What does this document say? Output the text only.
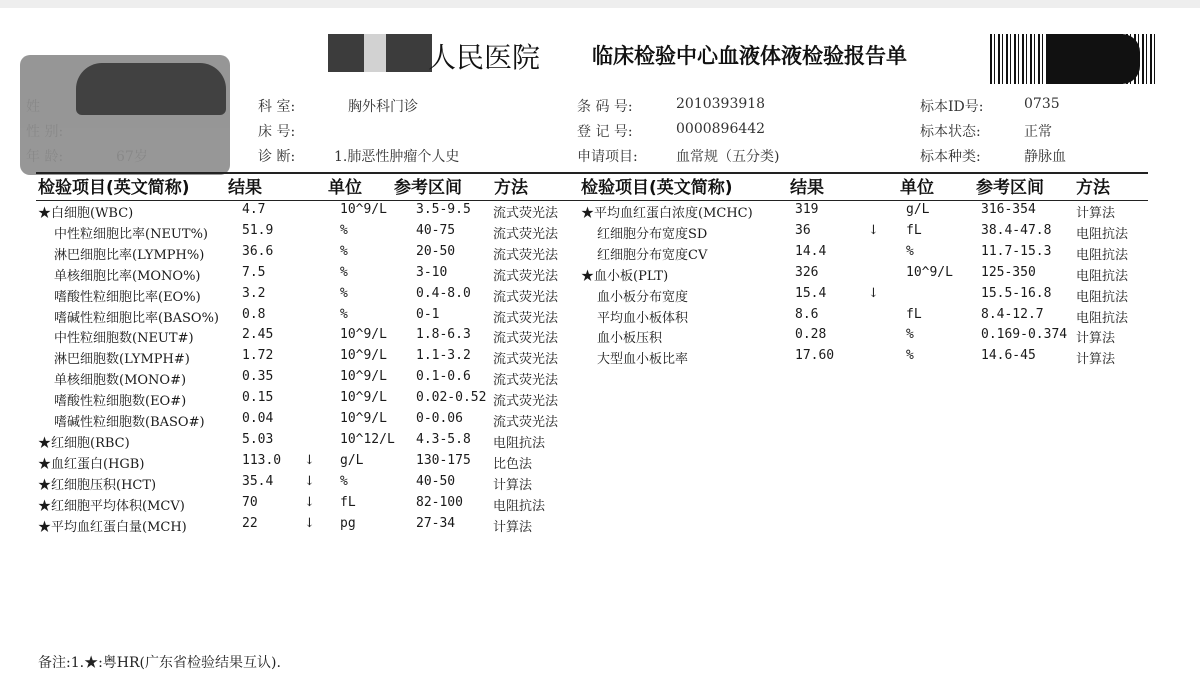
人民医院 临床检验中心血液体液检验报告单
科 室:	胸外科门诊
床 号:
诊 断:	1.肺恶性肿瘤个人史
条 码 号:	2010393918
登 记 号:	0000896442
申请项目:	血常规（五分类)
标本ID号:	0735
标本状态:	正常
标本种类:	静脉血
检验项目(英文简称) 结果	单位 参考区间 方法	检验项目(英文简称)	结果	单位 参考区间 方法
★白细胞(WBC)	4.7	10^9/L 3.5-9.5 流式荧光法
中性粒细胞比率(NEUT%)	51.9	%	40-75	流式荧光法
淋巴细胞比率(LYMPH%)	36.6	%	20-50	流式荧光法
单核细胞比率(MONO%)	7.5	%	3-10	流式荧光法
嗜酸性粒细胞比率(EO%)	3.2	%	0.4-8.0 流式荧光法
嗜碱性粒细胞比率(BASO%) 0.8	%	0-1	流式荧光法
中性粒细胞数(NEUT#)	2.45	10^9/L 1.8-6.3 流式荧光法
淋巴细胞数(LYMPH#)	1.72	10^9/L 1.1-3.2 流式荧光法
单核细胞数(MONO#)	0.35	10^9/L 0.1-0.6 流式荧光法
嗜酸性粒细胞数(EO#)	0.15	10^9/L 0.02-0.52 流式荧光法
嗜碱性粒细胞数(BASO#)	0.04	10^9/L 0-0.06 流式荧光法
★红细胞(RBC)	5.03	10^12/L 4.3-5.8 电阻抗法
★血红蛋白(HGB)	113.0 ↓ g/L	130-175 比色法
★红细胞压积(HCT)	35.4 ↓ %	40-50	计算法
★红细胞平均体积(MCV)	70	↓ fL	82-100 电阻抗法
★平均血红蛋白量(MCH)	22	↓ pg	27-34	计算法
★平均血红蛋白浓度(MCHC)	319	g/L	316-354	计算法
红细胞分布宽度SD	36	↓ fL	38.4-47.8 电阻抗法
红细胞分布宽度CV	14.4	%	11.7-15.3 电阻抗法
★血小板(PLT)	326	10^9/L 125-350	电阻抗法
血小板分布宽度	15.4	↓	15.5-16.8 电阻抗法
平均血小板体积	8.6	fL	8.4-12.7 电阻抗法
血小板压积	0.28	%	0.169-0.374 计算法
大型血小板比率	17.60	%	14.6-45	计算法
备注:1.★:粤HR(广东省检验结果互认).
